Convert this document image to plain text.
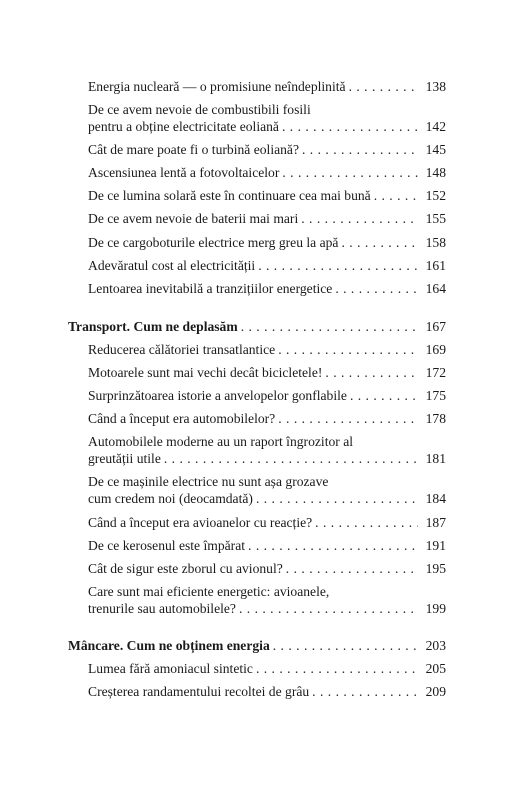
Energia nucleară — o promisiune neîndeplinită . . .	138
De ce avem nevoie de combustibili fosili
pentru a obține electricitate eoliană . . .	142
Cât de mare poate fi o turbină eoliană? . . .	145
Ascensiunea lentă a fotovoltaicelor . . .	148
De ce lumina solară este în continuare cea mai bună . . .	152
De ce avem nevoie de baterii mai mari . . .	155
De ce cargoboturile electrice merg greu la apă . . .	158
Adevăratul cost al electricității . . .	161
Lentoarea inevitabilă a tranzițiilor energetice . . .	164
Transport. Cum ne deplasăm . . .	167
Reducerea călătoriei transatlantice . . .	169
Motoarele sunt mai vechi decât bicicletele! . . .	172
Surprinzătoarea istorie a anvelopelor gonflabile . . .	175
Când a început era automobilelor? . . .	178
Automobilele moderne au un raport îngrozitor al
greutății utile . . .	181
De ce mașinile electrice nu sunt așa grozave
cum credem noi (deocamdată) . . .	184
Când a început era avioanelor cu reacție? . . .	187
De ce kerosenul este împărat . . .	191
Cât de sigur este zborul cu avionul? . . .	195
Care sunt mai eficiente energetic: avioanele,
trenurile sau automobilele? . . .	199
Mâncare. Cum ne obținem energia . . .	203
Lumea fără amoniacul sintetic . . .	205
Creșterea randamentului recoltei de grâu . . .	209
